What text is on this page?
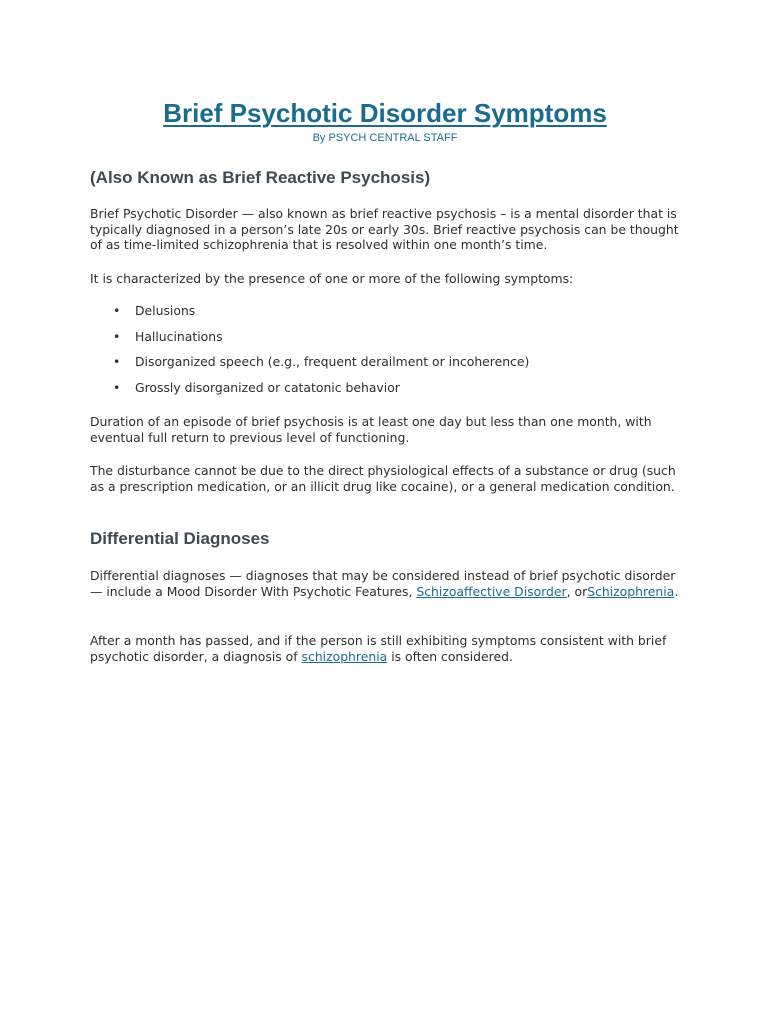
Brief Psychotic Disorder Symptoms
By PSYCH CENTRAL STAFF
(Also Known as Brief Reactive Psychosis)

Brief Psychotic Disorder — also known as brief reactive psychosis – is a mental disorder that is typically diagnosed in a person’s late 20s or early 30s. Brief reactive psychosis can be thought of as time-limited schizophrenia that is resolved within one month’s time.

It is characterized by the presence of one or more of the following symptoms:

• Delusions
• Hallucinations
• Disorganized speech (e.g., frequent derailment or incoherence)
• Grossly disorganized or catatonic behavior

Duration of an episode of brief psychosis is at least one day but less than one month, with eventual full return to previous level of functioning.

The disturbance cannot be due to the direct physiological effects of a substance or drug (such as a prescription medication, or an illicit drug like cocaine), or a general medication condition.

Differential Diagnoses

Differential diagnoses — diagnoses that may be considered instead of brief psychotic disorder — include a Mood Disorder With Psychotic Features, Schizoaffective Disorder, orSchizophrenia.

After a month has passed, and if the person is still exhibiting symptoms consistent with brief psychotic disorder, a diagnosis of schizophrenia is often considered.
